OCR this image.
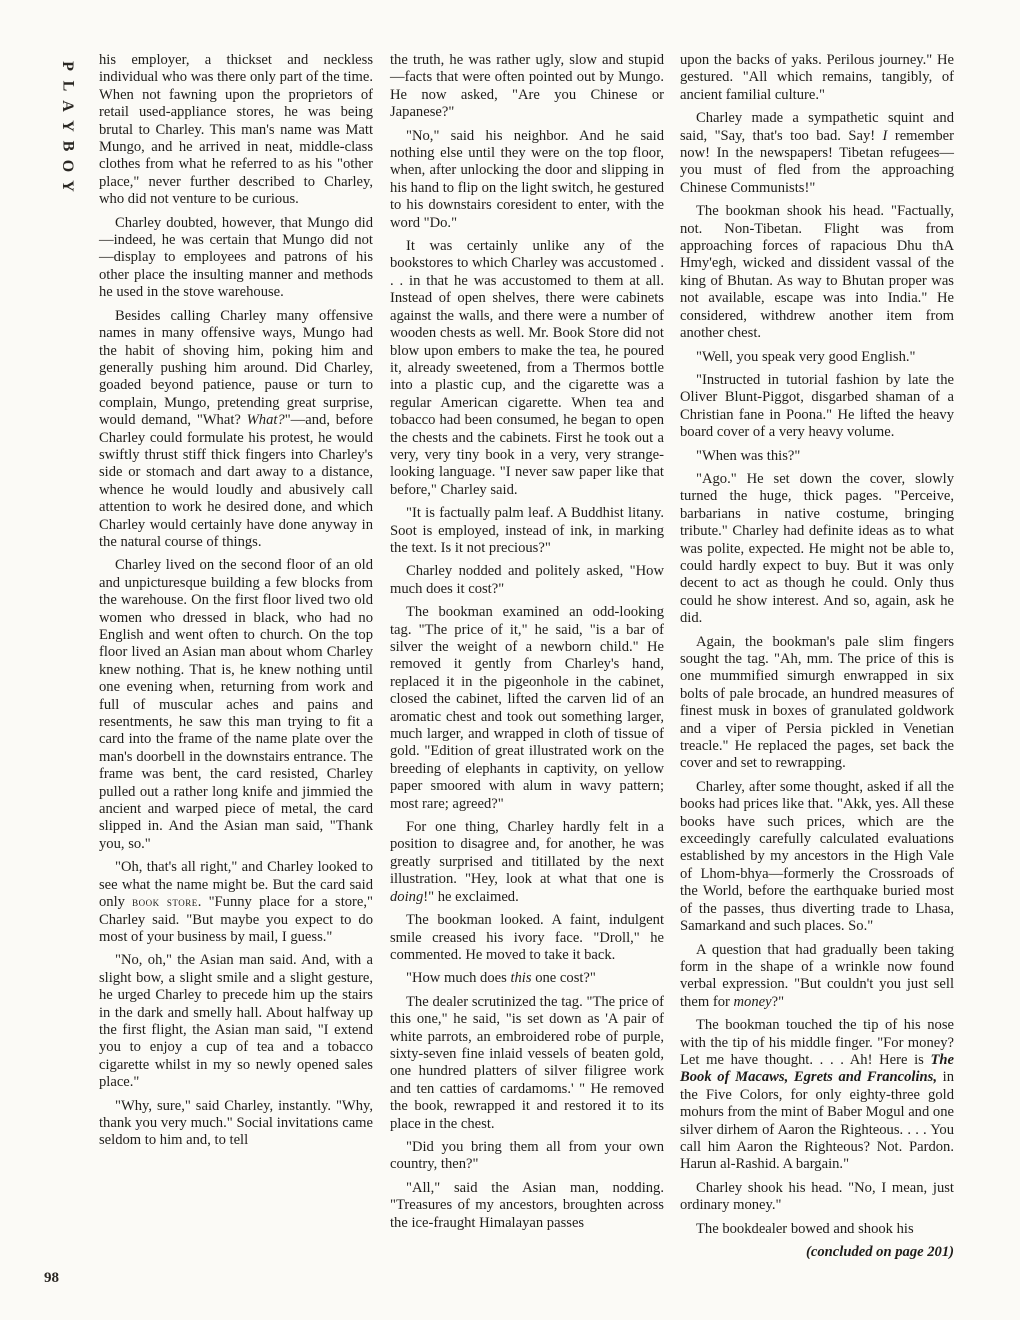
P
L
A
Y
B
O
Y
98

his employer, a thickset and neckless individual who was there only part of the time. When not fawning upon the proprietors of retail used-appliance stores, he was being brutal to Charley. This man's name was Matt Mungo, and he arrived in neat, middle-class clothes from what he referred to as his "other place," never further described to Charley, who did not venture to be curious.

Charley doubted, however, that Mungo did—indeed, he was certain that Mungo did not—display to employees and patrons of his other place the insulting manner and methods he used in the stove warehouse.

Besides calling Charley many offensive names in many offensive ways, Mungo had the habit of shoving him, poking him and generally pushing him around. Did Charley, goaded beyond patience, pause or turn to complain, Mungo, pretending great surprise, would demand, "What? What?"—and, before Charley could formulate his protest, he would swiftly thrust stiff thick fingers into Charley's side or stomach and dart away to a distance, whence he would loudly and abusively call attention to work he desired done, and which Charley would certainly have done anyway in the natural course of things.

Charley lived on the second floor of an old and unpicturesque building a few blocks from the warehouse. On the first floor lived two old women who dressed in black, who had no English and went often to church. On the top floor lived an Asian man about whom Charley knew nothing. That is, he knew nothing until one evening when, returning from work and full of muscular aches and pains and resentments, he saw this man trying to fit a card into the frame of the name plate over the man's doorbell in the downstairs entrance. The frame was bent, the card resisted, Charley pulled out a rather long knife and jimmied the ancient and warped piece of metal, the card slipped in. And the Asian man said, "Thank you, so."

"Oh, that's all right," and Charley looked to see what the name might be. But the card said only book store. "Funny place for a store," Charley said. "But maybe you expect to do most of your business by mail, I guess."

"No, oh," the Asian man said. And, with a slight bow, a slight smile and a slight gesture, he urged Charley to precede him up the stairs in the dark and smelly hall. About halfway up the first flight, the Asian man said, "I extend you to enjoy a cup of tea and a tobacco cigarette whilst in my so newly opened sales place."

"Why, sure," said Charley, instantly. "Why, thank you very much." Social invitations came seldom to him and, to tell

the truth, he was rather ugly, slow and stupid—facts that were often pointed out by Mungo. He now asked, "Are you Chinese or Japanese?"

"No," said his neighbor. And he said nothing else until they were on the top floor, when, after unlocking the door and slipping in his hand to flip on the light switch, he gestured to his downstairs coresident to enter, with the word "Do."

It was certainly unlike any of the bookstores to which Charley was accustomed . . . in that he was accustomed to them at all. Instead of open shelves, there were cabinets against the walls, and there were a number of wooden chests as well. Mr. Book Store did not blow upon embers to make the tea, he poured it, already sweetened, from a Thermos bottle into a plastic cup, and the cigarette was a regular American cigarette. When tea and tobacco had been consumed, he began to open the chests and the cabinets. First he took out a very, very tiny book in a very, very strange-looking language. "I never saw paper like that before," Charley said.

"It is factually palm leaf. A Buddhist litany. Soot is employed, instead of ink, in marking the text. Is it not precious?"

Charley nodded and politely asked, "How much does it cost?"

The bookman examined an odd-looking tag. "The price of it," he said, "is a bar of silver the weight of a newborn child." He removed it gently from Charley's hand, replaced it in the pigeonhole in the cabinet, closed the cabinet, lifted the carven lid of an aromatic chest and took out something larger, much larger, and wrapped in cloth of tissue of gold. "Edition of great illustrated work on the breeding of elephants in captivity, on yellow paper smoored with alum in wavy pattern; most rare; agreed?"

For one thing, Charley hardly felt in a position to disagree and, for another, he was greatly surprised and titillated by the next illustration. "Hey, look at what that one is doing!" he exclaimed.

The bookman looked. A faint, indulgent smile creased his ivory face. "Droll," he commented. He moved to take it back.

"How much does this one cost?"

The dealer scrutinized the tag. "The price of this one," he said, "is set down as 'A pair of white parrots, an embroidered robe of purple, sixty-seven fine inlaid vessels of beaten gold, one hundred platters of silver filigree work and ten catties of cardamoms.' " He removed the book, rewrapped it and restored it to its place in the chest.

"Did you bring them all from your own country, then?"

"All," said the Asian man, nodding. "Treasures of my ancestors, broughten across the ice-fraught Himalayan passes

upon the backs of yaks. Perilous journey." He gestured. "All which remains, tangibly, of ancient familial culture."

Charley made a sympathetic squint and said, "Say, that's too bad. Say! I remember now! In the newspapers! Tibetan refugees—you must of fled from the approaching Chinese Communists!"

The bookman shook his head. "Factually, not. Non-Tibetan. Flight was from approaching forces of rapacious Dhu thA Hmy'egh, wicked and dissident vassal of the king of Bhutan. As way to Bhutan proper was not available, escape was into India." He considered, withdrew another item from another chest.

"Well, you speak very good English."

"Instructed in tutorial fashion by late the Oliver Blunt-Piggot, disgarbed shaman of a Christian fane in Poona." He lifted the heavy board cover of a very heavy volume.

"When was this?"

"Ago." He set down the cover, slowly turned the huge, thick pages. "Perceive, barbarians in native costume, bringing tribute." Charley had definite ideas as to what was polite, expected. He might not be able to, could hardly expect to buy. But it was only decent to act as though he could. Only thus could he show interest. And so, again, ask he did.

Again, the bookman's pale slim fingers sought the tag. "Ah, mm. The price of this is one mummified simurgh enwrapped in six bolts of pale brocade, an hundred measures of finest musk in boxes of granulated goldwork and a viper of Persia pickled in Venetian treacle." He replaced the pages, set back the cover and set to rewrapping.

Charley, after some thought, asked if all the books had prices like that. "Akk, yes. All these books have such prices, which are the exceedingly carefully calculated evaluations established by my ancestors in the High Vale of Lhom-bhya—formerly the Crossroads of the World, before the earthquake buried most of the passes, thus diverting trade to Lhasa, Samarkand and such places. So."

A question that had gradually been taking form in the shape of a wrinkle now found verbal expression. "But couldn't you just sell them for money?"

The bookman touched the tip of his nose with the tip of his middle finger. "For money? Let me have thought. . . . Ah! Here is The Book of Macaws, Egrets and Francolins, in the Five Colors, for only eighty-three gold mohurs from the mint of Baber Mogul and one silver dirhem of Aaron the Righteous. . . . You call him Aaron the Righteous? Not. Pardon. Harun al-Rashid. A bargain."

Charley shook his head. "No, I mean, just ordinary money."

The bookdealer bowed and shook his

(concluded on page 201)
